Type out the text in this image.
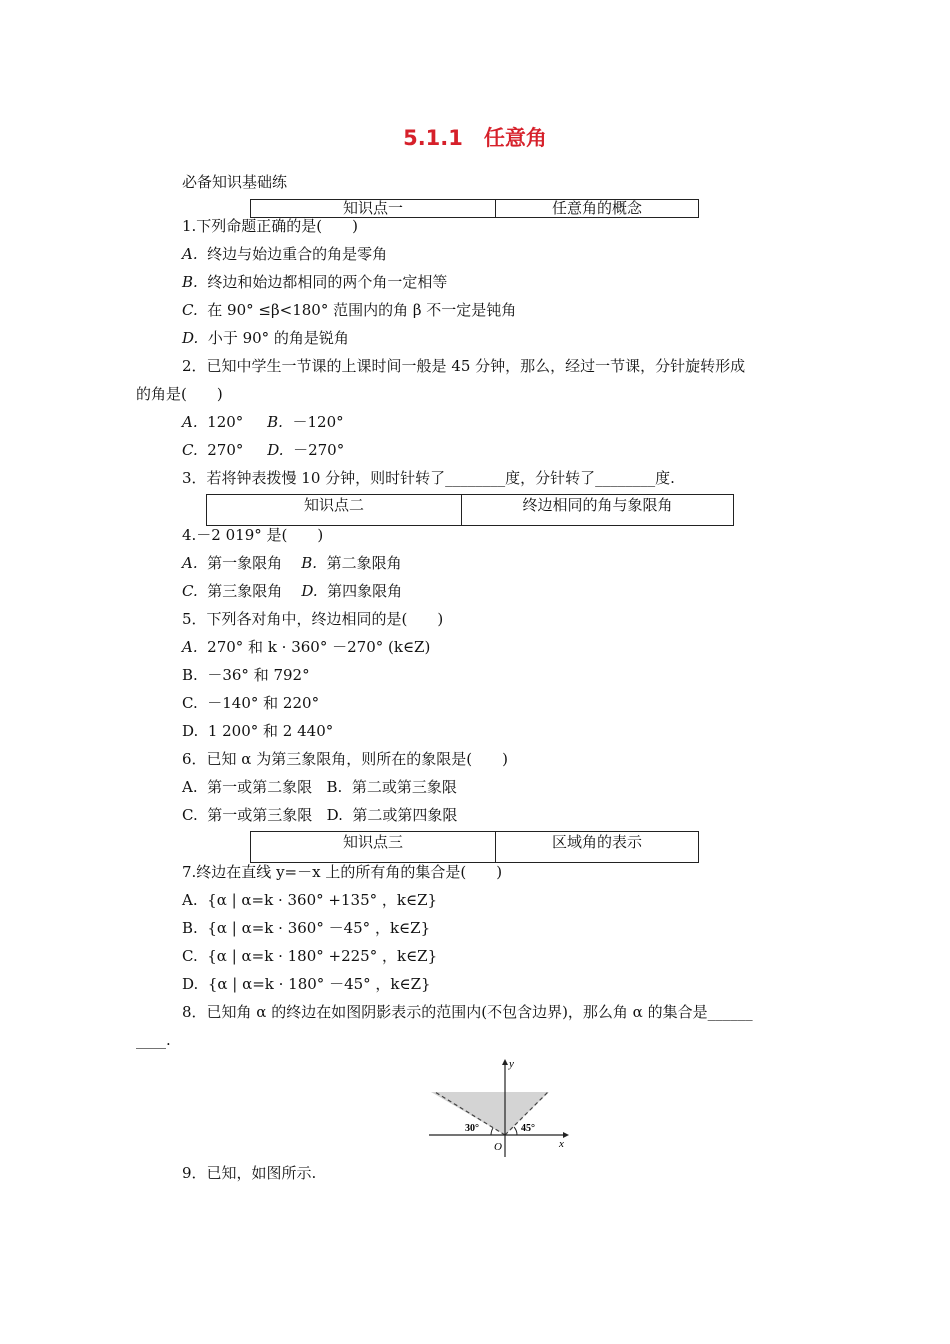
5.1.1　任意角
必备知识基础练
知识点一	任意角的概念
1.下列命题正确的是(　　)
A. 终边与始边重合的角是零角
B. 终边和始边都相同的两个角一定相等
C. 在 90° ≤β<180° 范围内的角 β 不一定是钝角
D. 小于 90° 的角是锐角
2．已知中学生一节课的上课时间一般是 45 分钟，那么，经过一节课，分针旋转形成
的角是(　　)
A. 120° B. －120°
C. 270° D. －270°
3．若将钟表拨慢 10 分钟，则时针转了________度，分针转了________度.
知识点二	终边相同的角与象限角
4.－2 019° 是(　　)
A. 第一象限角 B. 第二象限角
C. 第三象限角 D. 第四象限角
5．下列各对角中，终边相同的是(　　)
A. 270° 和 k · 360° －270° (k∈Z)
B. －36° 和 792°
C. －140° 和 220°
D. 1 200° 和 2 440°
6．已知 α 为第三象限角，则所在的象限是(　　)
A. 第一或第二象限 B. 第二或第三象限
C. 第一或第三象限 D. 第二或第四象限
知识点三	区域角的表示
7.终边在直线 y=－x 上的所有角的集合是(　　)
A. {α | α=k · 360° +135° ，k∈Z}
B. {α | α=k · 360° －45° ，k∈Z}
C. {α | α=k · 180° +225° ，k∈Z}
D. {α | α=k · 180° －45° ，k∈Z}
8．已知角 α 的终边在如图阴影表示的范围内(不包含边界)，那么角 α 的集合是______
____.
y
x
O
30°	45°
9．已知，如图所示.
